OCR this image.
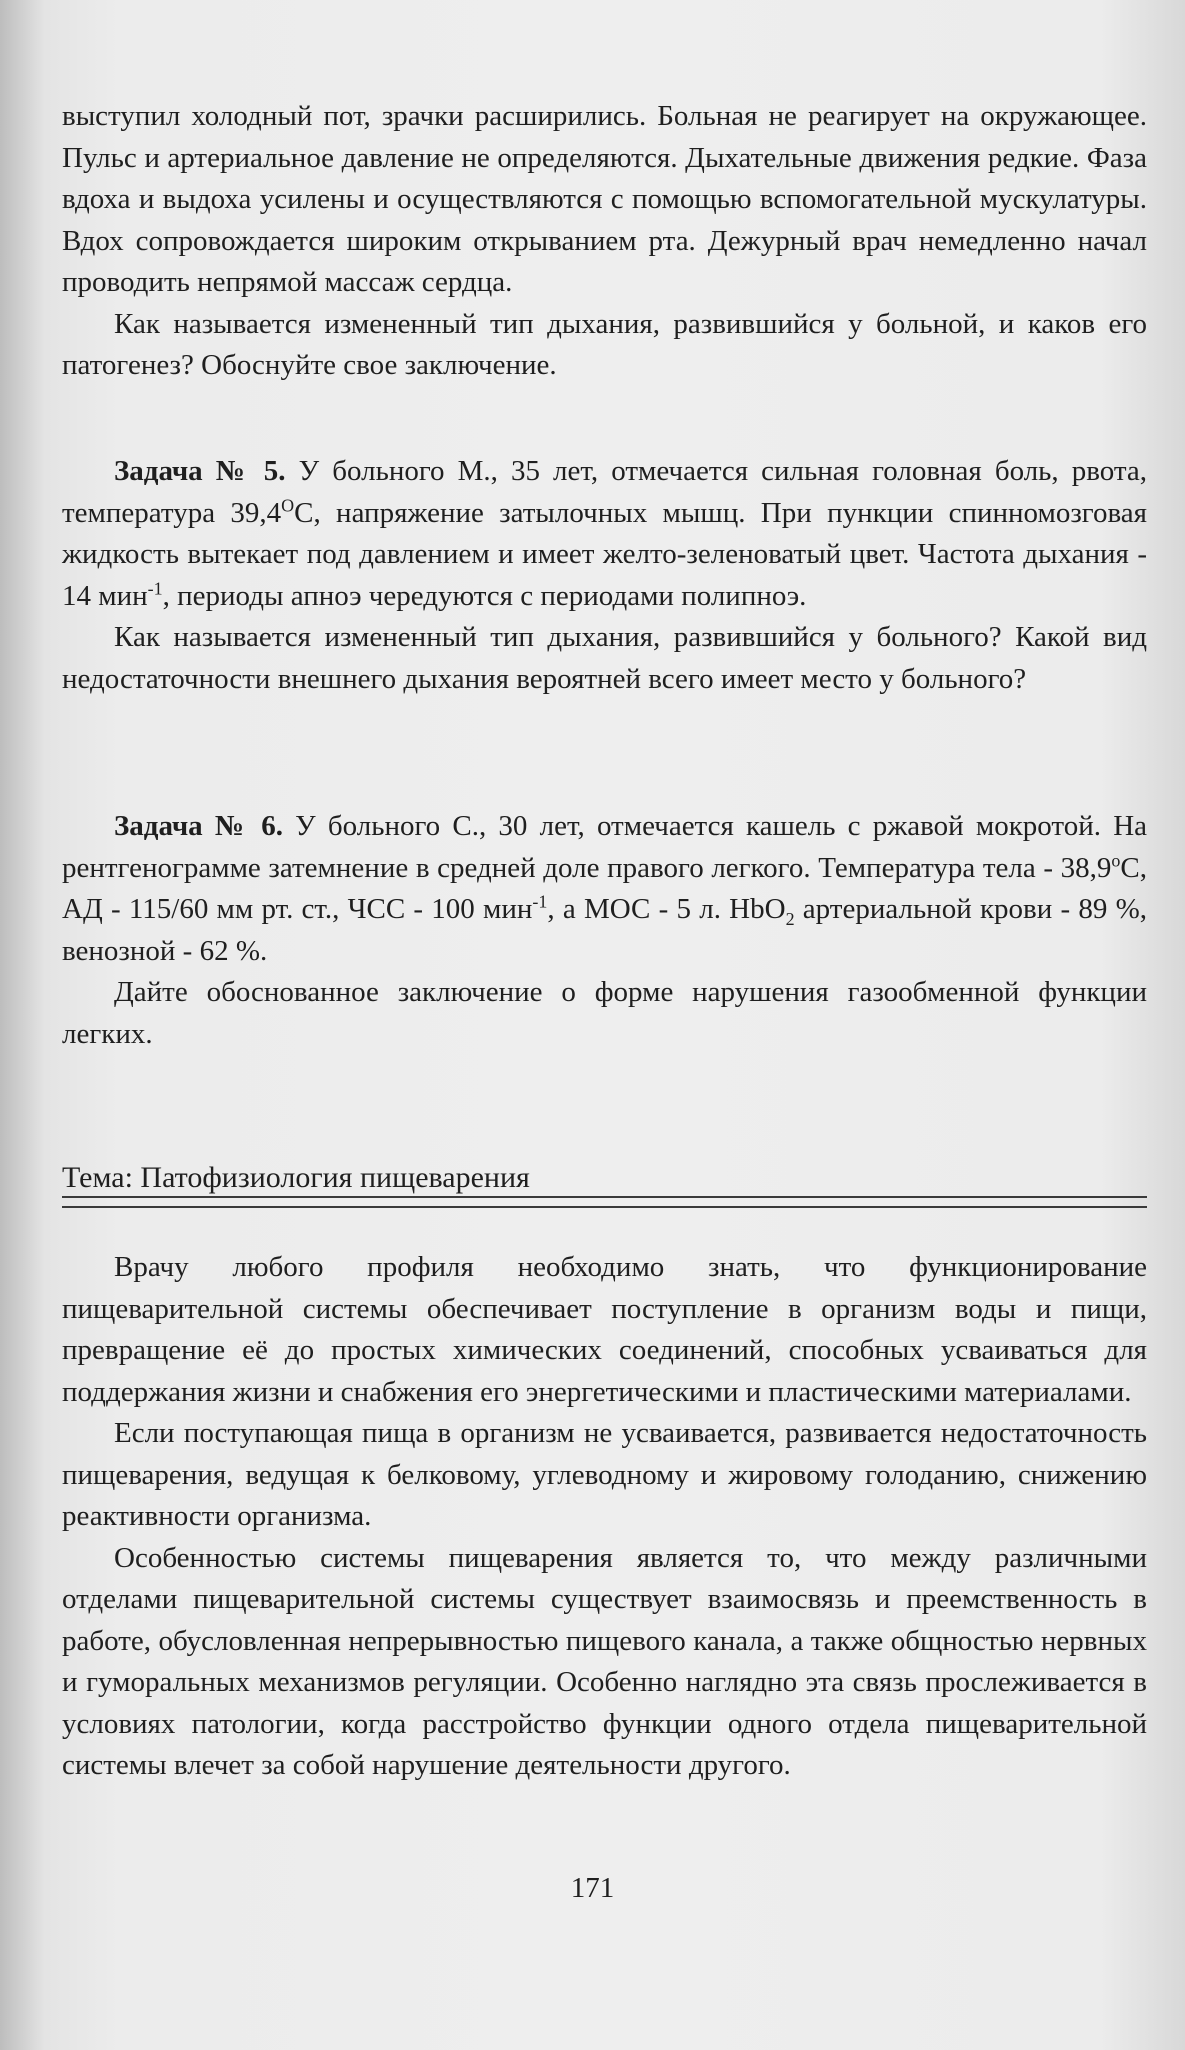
выступил холодный пот, зрачки расширились. Больная не реагирует на окружающее. Пульс и артериальное давление не определяются. Дыхательные движения редкие. Фаза вдоха и выдоха усилены и осуществляются с помощью вспомогательной мускулатуры. Вдох сопровождается широким открыванием рта. Дежурный врач немедленно начал проводить непрямой массаж сердца.

Как называется измененный тип дыхания, развившийся у больной, и каков его патогенез? Обоснуйте свое заключение.

Задача № 5. У больного М., 35 лет, отмечается сильная головная боль, рвота, температура $39,4^ОС$, напряжение затылочных мышц. При пункции спинномозговая жидкость вытекает под давлением и имеет желто-зеленоватый цвет. Частота дыхания - 14 мин$^{-1}$, периоды апноэ чередуются с периодами полипноэ.

Как называется измененный тип дыхания, развившийся у больного? Какой вид недостаточности внешнего дыхания вероятней всего имеет место у больного?

Задача № 6. У больного С., 30 лет, отмечается кашель с ржавой мокротой. На рентгенограмме затемнение в средней доле правого легкого. Температура тела - $38,9^оС$, АД - 115/60 мм рт. ст., ЧСС - 100 мин$^{-1}$, а МОС - 5 л. HbO$_2$ артериальной крови - 89 %, венозной - 62 %.

Дайте обоснованное заключение о форме нарушения газообменной функции легких.

Тема: Патофизиология пищеварения

Врачу любого профиля необходимо знать, что функционирование пищеварительной системы обеспечивает поступление в организм воды и пищи, превращение её до простых химических соединений, способных усваиваться для поддержания жизни и снабжения его энергетическими и пластическими материалами.

Если поступающая пища в организм не усваивается, развивается недостаточность пищеварения, ведущая к белковому, углеводному и жировому голоданию, снижению реактивности организма.

Особенностью системы пищеварения является то, что между различными отделами пищеварительной системы существует взаимосвязь и преемственность в работе, обусловленная непрерывностью пищевого канала, а также общностью нервных и гуморальных механизмов регуляции. Особенно наглядно эта связь прослеживается в условиях патологии, когда расстройство функции одного отдела пищеварительной системы влечет за собой нарушение деятельности другого.

171
